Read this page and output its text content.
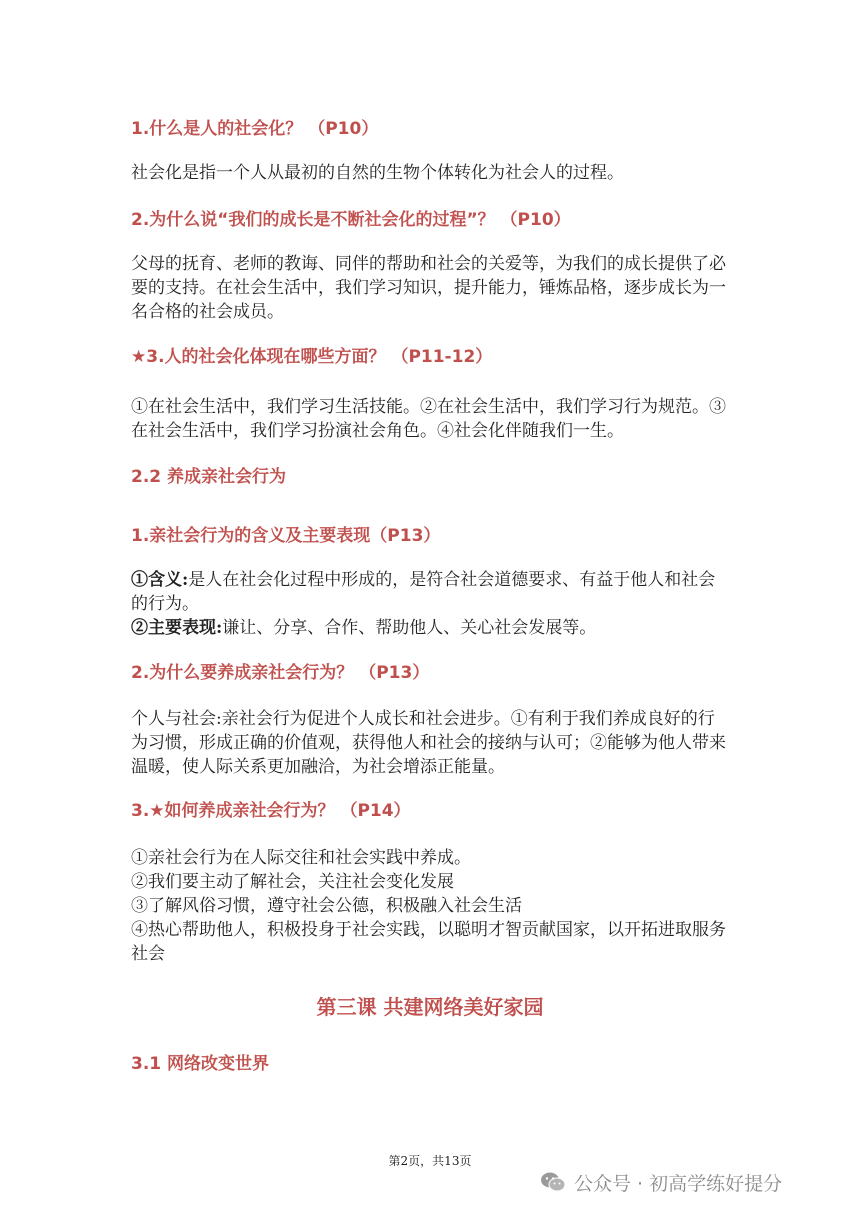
1.什么是人的社会化？ （P10）
社会化是指一个人从最初的自然的生物个体转化为社会人的过程。
2.为什么说“我们的成长是不断社会化的过程”？ （P10）
父母的抚育、老师的教诲、同伴的帮助和社会的关爱等，为我们的成长提供了必
要的支持。在社会生活中，我们学习知识，提升能力，锤炼品格，逐步成长为一
名合格的社会成员。
★3.人的社会化体现在哪些方面？ （P11-12）
①在社会生活中，我们学习生活技能。②在社会生活中，我们学习行为规范。③
在社会生活中，我们学习扮演社会角色。④社会化伴随我们一生。
2.2 养成亲社会行为
1.亲社会行为的含义及主要表现（P13）
①含义:是人在社会化过程中形成的，是符合社会道德要求、有益于他人和社会
的行为。
②主要表现:谦让、分享、合作、帮助他人、关心社会发展等。
2.为什么要养成亲社会行为？ （P13）
个人与社会:亲社会行为促进个人成长和社会进步。①有利于我们养成良好的行
为习惯，形成正确的价值观，获得他人和社会的接纳与认可；②能够为他人带来
温暖，使人际关系更加融洽，为社会增添正能量。
3.★如何养成亲社会行为？ （P14）
①亲社会行为在人际交往和社会实践中养成。
②我们要主动了解社会，关注社会变化发展
③了解风俗习惯，遵守社会公德，积极融入社会生活
④热心帮助他人，积极投身于社会实践，以聪明才智贡献国家，以开拓进取服务
社会
第三课 共建网络美好家园
3.1 网络改变世界
第2页，共13页
公众号 · 初高学练好提分
